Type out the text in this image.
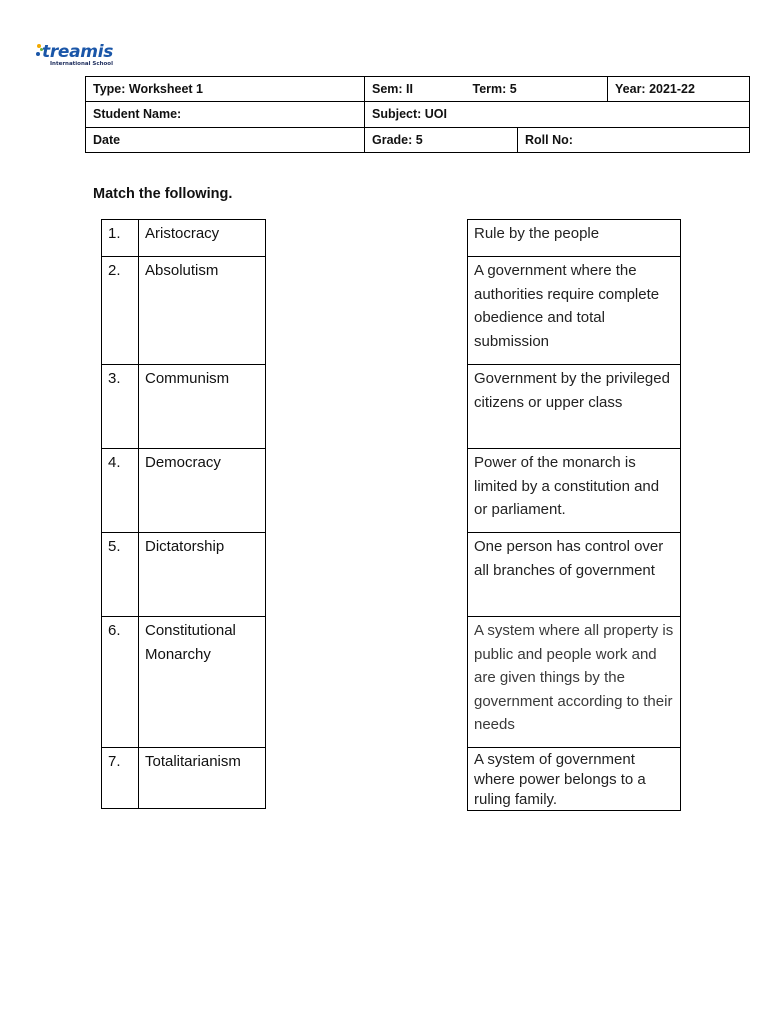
treamis
International School
Type: Worksheet 1	Sem: II	Term: 5		Year: 2021-22
Student Name:	Subject: UOI			
Date	Grade: 5		Roll No:	
Match the following.
1.	Aristocracy
2.	Absolutism
3.	Communism
4.	Democracy
5.	Dictatorship
6.	Constitutional Monarchy
7.	Totalitarianism
Rule by the people
A government where the authorities require complete obedience and total submission
Government by the privileged citizens or upper class
Power of the monarch is limited by a constitution and or parliament.
One person has control over all branches of government
A system where all property is public and people work and are given things by the government according to their needs
A system of government where power belongs to a ruling family.
